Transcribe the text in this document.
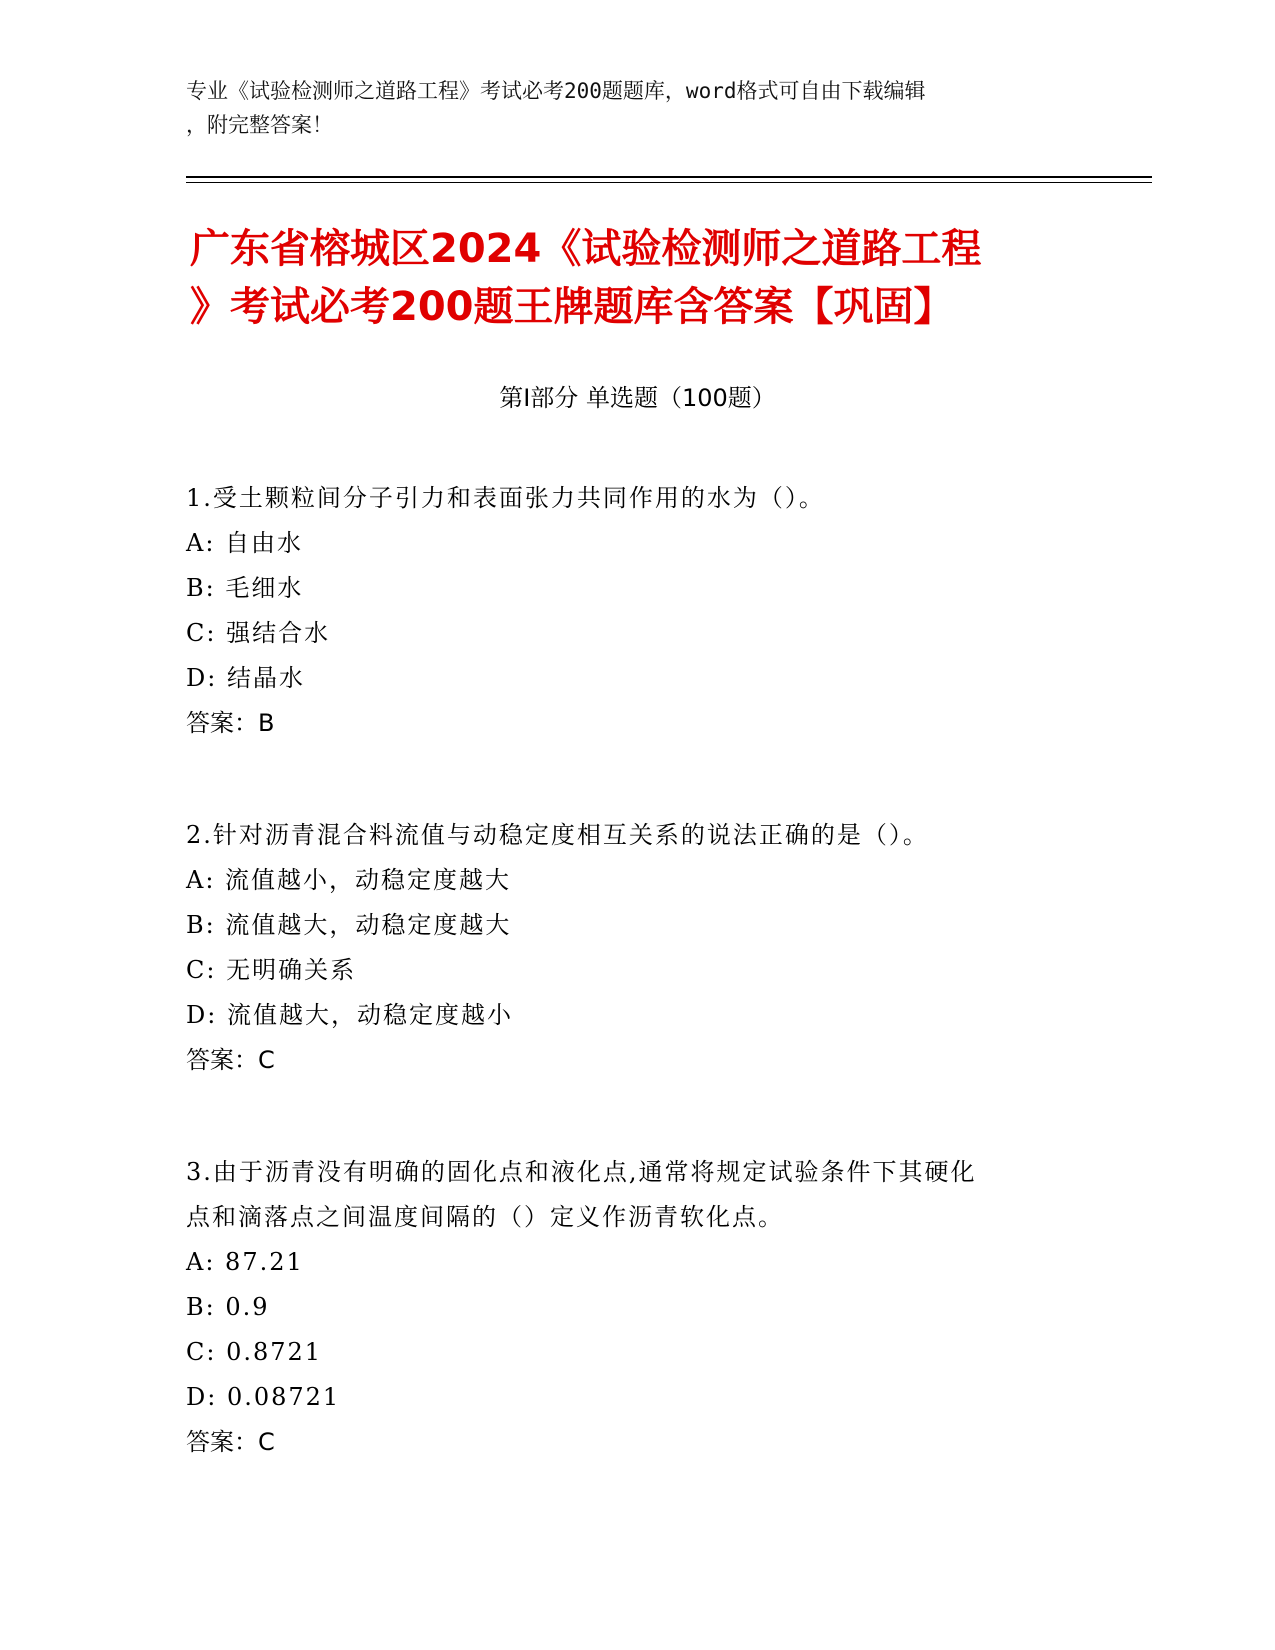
专业《试验检测师之道路工程》考试必考200题题库，word格式可自由下载编辑
，附完整答案！
广东省榕城区2024《试验检测师之道路工程
》考试必考200题王牌题库含答案【巩固】
第Ⅰ部分 单选题（100题）

1.受土颗粒间分子引力和表面张力共同作用的水为（）。

A: 自由水

B: 毛细水

C: 强结合水

D: 结晶水

答案：B

2.针对沥青混合料流值与动稳定度相互关系的说法正确的是（）。

A: 流值越小，动稳定度越大

B: 流值越大，动稳定度越大

C: 无明确关系

D: 流值越大，动稳定度越小

答案：C

3.由于沥青没有明确的固化点和液化点,通常将规定试验条件下其硬化

点和滴落点之间温度间隔的（）定义作沥青软化点。

A: 87.21

B: 0.9

C: 0.8721

D: 0.08721

答案：C
